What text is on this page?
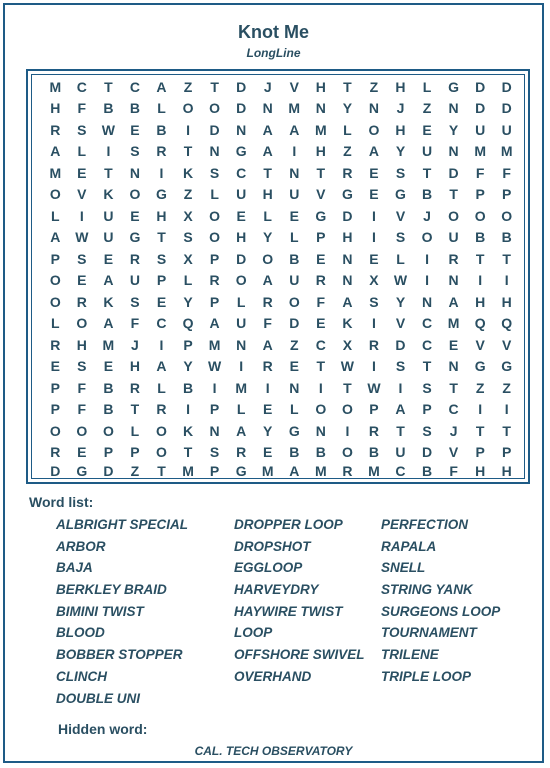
Knot Me
LongLine
M	C	T	C	A	Z	T	D	J	V	H	T	Z	H	L	G	D	D
H	F	B	B	L	O	O	D	N	M	N	Y	N	J	Z	N	D	D
R	S	W	E	B	I	D	N	A	A	M	L	O	H	E	Y	U	U
A	L	I	S	R	T	N	G	A	I	H	Z	A	Y	U	N	M	M
M	E	T	N	I	K	S	C	T	N	T	R	E	S	T	D	F	F
O	V	K	O	G	Z	L	U	H	U	V	G	E	G	B	T	P	P
L	I	U	E	H	X	O	E	L	E	G	D	I	V	J	O	O	O
A	W	U	G	T	S	O	H	Y	L	P	H	I	S	O	U	B	B
P	S	E	R	S	X	P	D	O	B	E	N	E	L	I	R	T	T
O	E	A	U	P	L	R	O	A	U	R	N	X	W	I	N	I	I
O	R	K	S	E	Y	P	L	R	O	F	A	S	Y	N	A	H	H
L	O	A	F	C	Q	A	U	F	D	E	K	I	V	C	M	Q	Q
R	H	M	J	I	P	M	N	A	Z	C	X	R	D	C	E	V	V
E	S	E	H	A	Y	W	I	R	E	T	W	I	S	T	N	G	G
P	F	B	R	L	B	I	M	I	N	I	T	W	I	S	T	Z	Z
P	F	B	T	R	I	P	L	E	L	O	O	P	A	P	C	I	I
O	O	O	L	O	K	N	A	Y	G	N	I	R	T	S	J	T	T
R	E	P	P	O	T	S	R	E	B	B	O	B	U	D	V	P	P
D	G	D	Z	T	M	P	G	M	A	M	R	M	C	B	F	H	H
Word list:
ALBRIGHT SPECIAL
ARBOR
BAJA
BERKLEY BRAID
BIMINI TWIST
BLOOD
BOBBER STOPPER
CLINCH
DOUBLE UNI
DROPPER LOOP
DROPSHOT
EGGLOOP
HARVEYDRY
HAYWIRE TWIST
LOOP
OFFSHORE SWIVEL
OVERHAND
PERFECTION
RAPALA
SNELL
STRING YANK
SURGEONS LOOP
TOURNAMENT
TRILENE
TRIPLE LOOP
Hidden word:
CAL. TECH OBSERVATORY
